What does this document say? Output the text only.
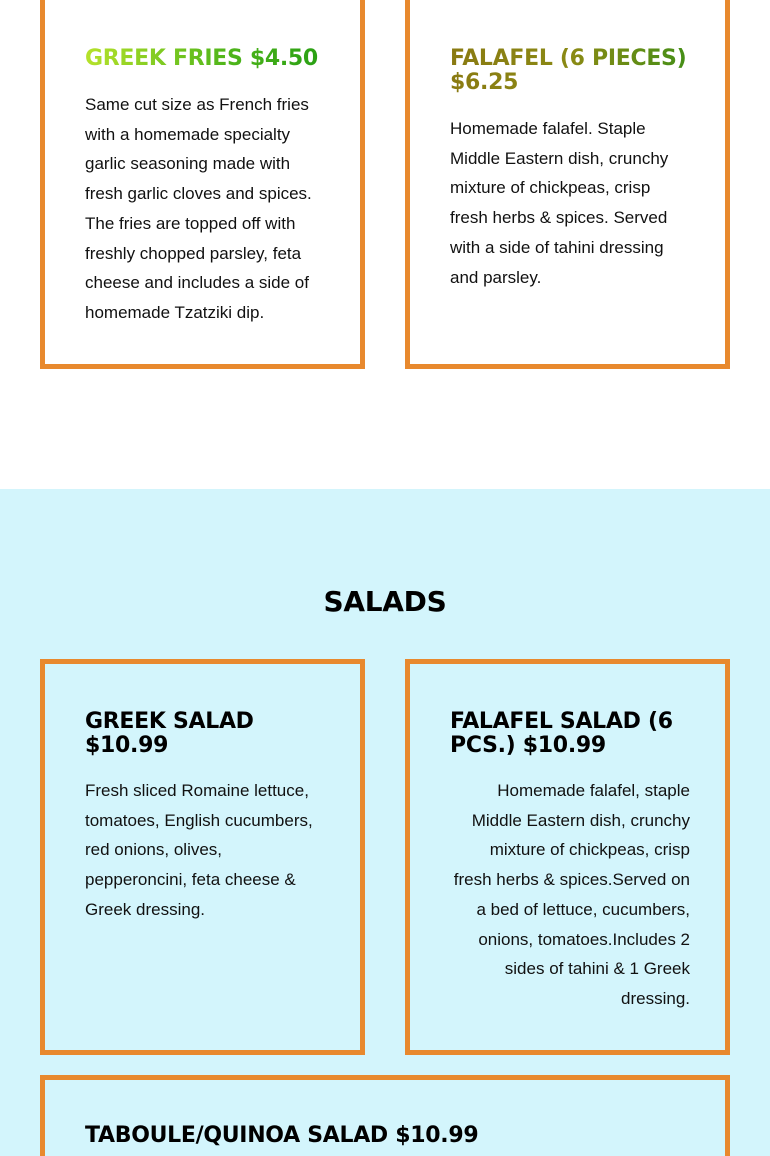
GREEK FRIES $4.50

Same cut size as French fries with a homemade specialty garlic seasoning made with fresh garlic cloves and spices. The fries are topped off with freshly chopped parsley, feta cheese and includes a side of homemade Tzatziki dip.

FALAFEL (6 PIECES) $6.25

Homemade falafel. Staple Middle Eastern dish, crunchy mixture of chickpeas, crisp fresh herbs & spices. Served with a side of tahini dressing and parsley.

SALADS
GREEK SALAD $10.99

Fresh sliced Romaine lettuce, tomatoes, English cucumbers, red onions, olives, pepperoncini, feta cheese & Greek dressing.

FALAFEL SALAD (6 PCS.) $10.99

Homemade falafel, staple Middle Eastern dish, crunchy mixture of chickpeas, crisp fresh herbs & spices.Served on a bed of lettuce, cucumbers, onions, tomatoes.Includes 2 sides of tahini & 1 Greek dressing.

TABOULE/QUINOA SALAD $10.99
